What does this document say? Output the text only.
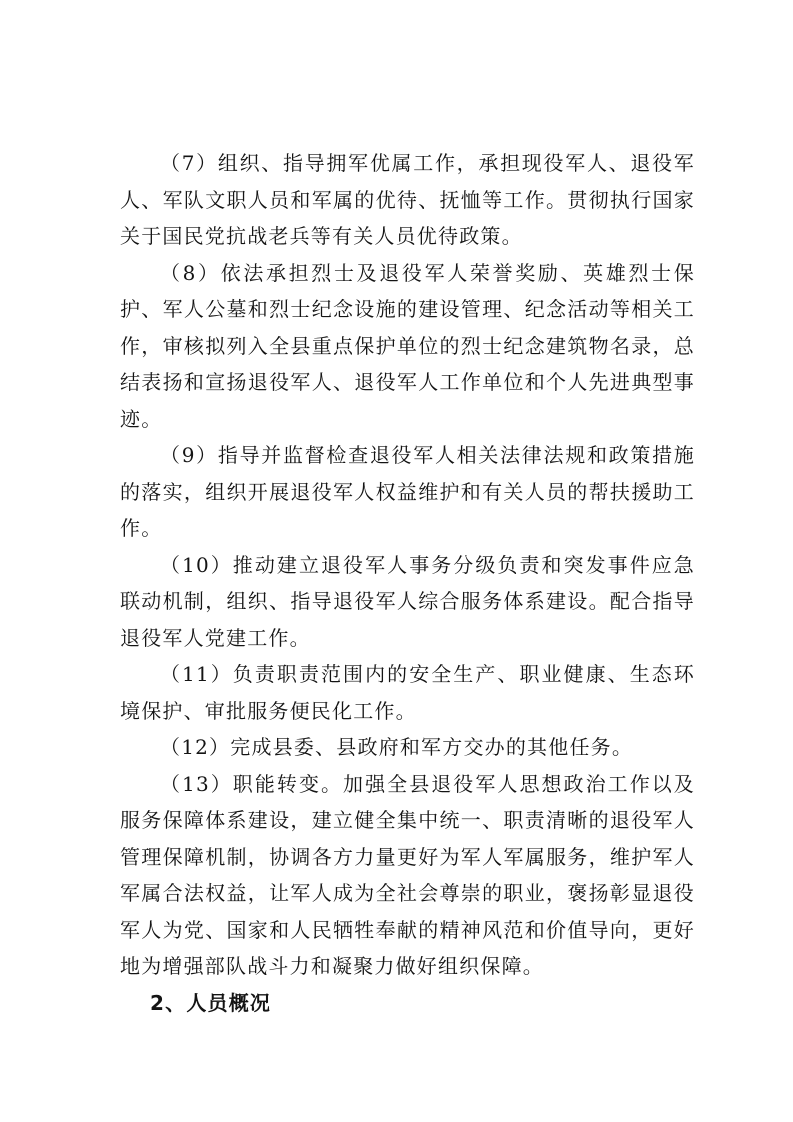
（7）组织、指导拥军优属工作，承担现役军人、退役军人、军队文职人员和军属的优待、抚恤等工作。贯彻执行国家关于国民党抗战老兵等有关人员优待政策。

（8）依法承担烈士及退役军人荣誉奖励、英雄烈士保护、军人公墓和烈士纪念设施的建设管理、纪念活动等相关工作，审核拟列入全县重点保护单位的烈士纪念建筑物名录，总结表扬和宣扬退役军人、退役军人工作单位和个人先进典型事迹。

（9）指导并监督检查退役军人相关法律法规和政策措施的落实，组织开展退役军人权益维护和有关人员的帮扶援助工作。

（10）推动建立退役军人事务分级负责和突发事件应急联动机制，组织、指导退役军人综合服务体系建设。配合指导退役军人党建工作。

（11）负责职责范围内的安全生产、职业健康、生态环境保护、审批服务便民化工作。

（12）完成县委、县政府和军方交办的其他任务。

（13）职能转变。加强全县退役军人思想政治工作以及服务保障体系建设，建立健全集中统一、职责清晰的退役军人管理保障机制，协调各方力量更好为军人军属服务，维护军人军属合法权益，让军人成为全社会尊崇的职业，褒扬彰显退役军人为党、国家和人民牺牲奉献的精神风范和价值导向，更好地为增强部队战斗力和凝聚力做好组织保障。

2、人员概况
